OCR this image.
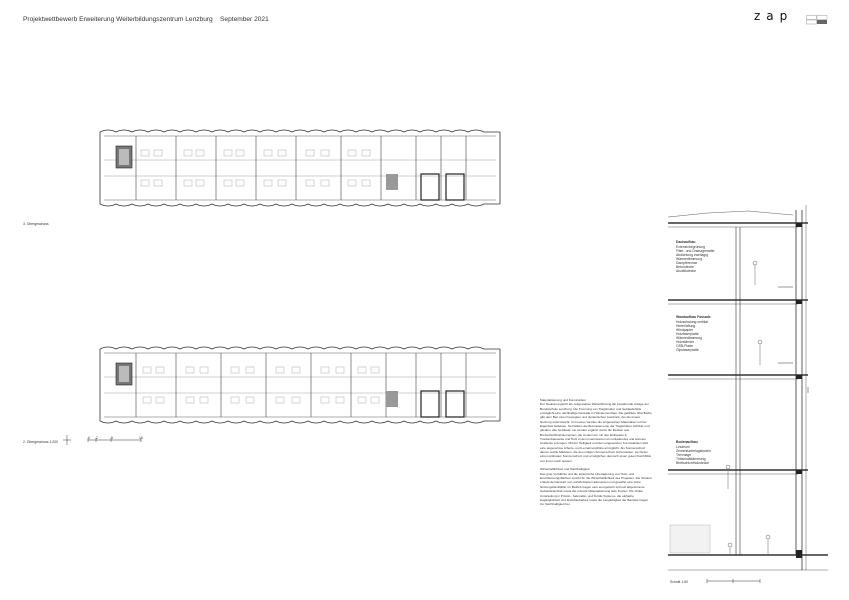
Projektwettbewerb Erweiterung Weiterbildungszentrum Lenzburg September 2021	zap
3. Obergeschoss
2. Obergeschoss 1:200
0 2	5	10

Materialisierung und Konstruktion

Der Neubau ergänzt als zeitgemässe Weiterführung die bestehende Anlage der Berufsschule Lenzburg. Die Trennung von Tragstruktur und Gebäudehülle ermöglicht eine nachhaltige Fassade in Holzelementbau. Die gefaltete Oberfläche gibt dem Bau einen bewegten und dynamischen Ausdruck, der die innere Nutzung unterstreicht. Im Inneren werden die eingesetzten Materialien in ihrer Eigenheit belassen. So bleiben die Betonelemente der Tragstruktur sichtbar und gliedern das Gebäude, sie werden ergänzt durch die Decken aus Brettschichtholzelementen, die zusammen mit den Einbauten in Trockenbauweise und Holz in den Innenräumen ein einladendes und warmes Ambiente erzeugen. Mit der Helligkeit und den eingesetzten Trennwänden wird eine angenehme Arbeits- und Lernatmosphäre ermöglicht. Als Sonnenschutz dienen textile Markisen, die den nötigen Sonnenschutz sicherstellen, sie bieten einen optimalen Sonnenschutz und ermöglichen dennoch einen guten Durchblick von innen nach aussen.

Wirtschaftlichkeit und Nachhaltigkeit

Das gute Verhältnis und die tektonische Überlagerung von Nutz- und Erschliessungsflächen spricht für die Wirtschaftlichkeit des Projektes. Die Struktur erlaubt den Einsatz von vorfabrizierten Elementen und gewährt eine hohe Nutzungsflexibilität. Im Betrieb tragen eine energetisch sinnvoll abgestimmte Gebäudetechnik sowie die robuste Materialisierung tiefe Kosten. Die strikte Unterteilung in Primär-, Sekundär- und Tertiär-Systeme, die einfache Zugänglichkeit und Rückbaubarkeit sowie die Langlebigkeit der Bauteile tragen zur Nachhaltigkeit bei.

Dachaufbau
Extensivbegrünung
Filter- und Drainagematte
Abdichtung zweilagig
Wärmedämmung
Dampfbremse
Betondecke
Akustikdecke
Wandaufbau Fassade
Holzschalung vertikal
Hinterlüftung
Windpapier
Holzfaserplatte
Wärmedämmung
Holzständer
OSB-Platte
Gipsfaserplatte
Bodenaufbau
Linoleum
Zementunterlagsboden
Trennlage
Trittschalldämmung
Brettschichtholzdecke
Schnitt 1:50
